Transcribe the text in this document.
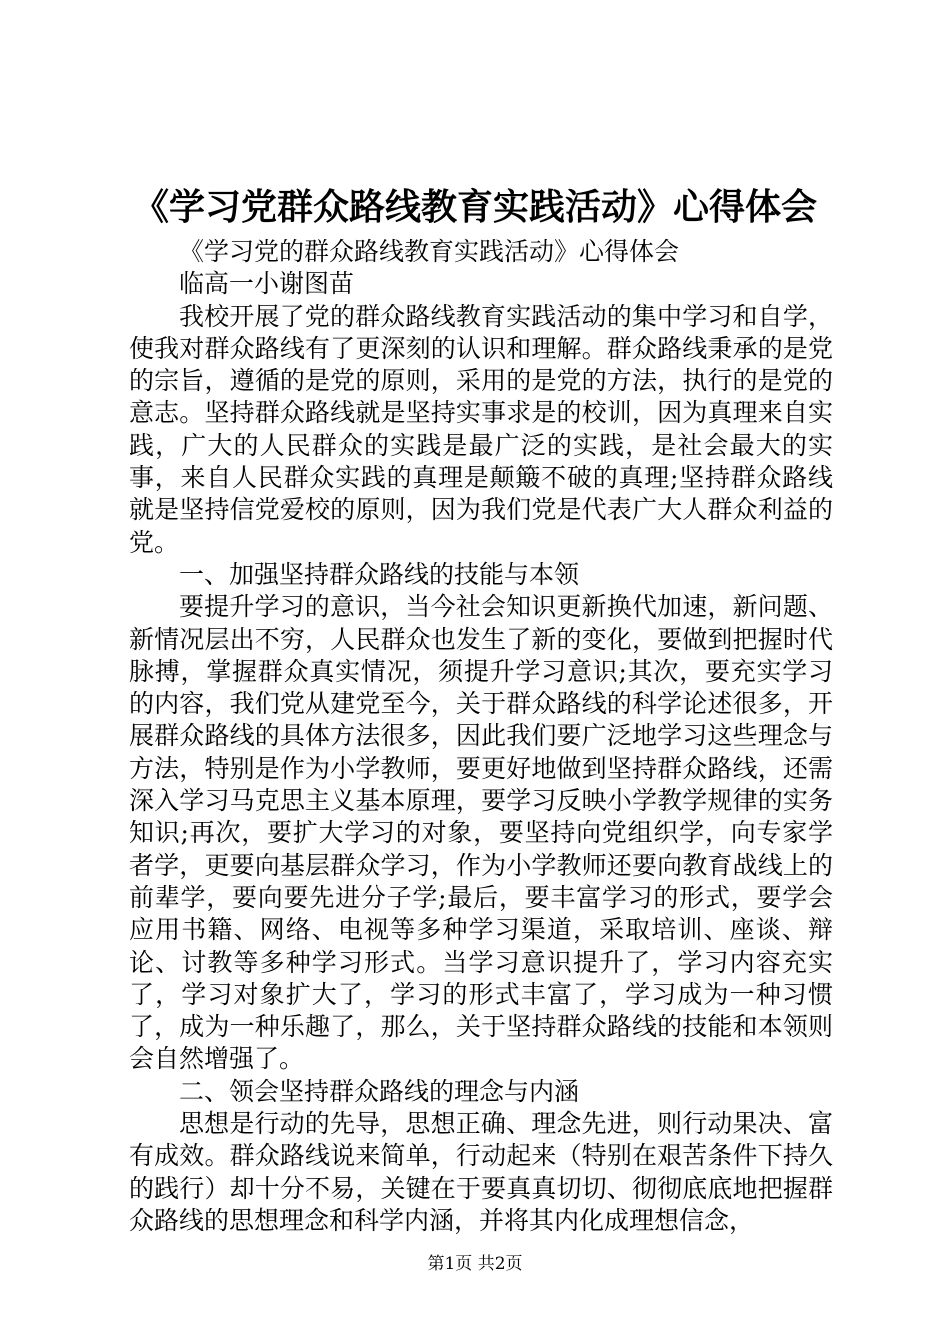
《学习党群众路线教育实践活动》心得体会

《学习党的群众路线教育实践活动》心得体会

临高一小谢图苗

我校开展了党的群众路线教育实践活动的集中学习和自学，使我对群众路线有了更深刻的认识和理解。群众路线秉承的是党的宗旨，遵循的是党的原则，采用的是党的方法，执行的是党的意志。坚持群众路线就是坚持实事求是的校训，因为真理来自实践，广大的人民群众的实践是最广泛的实践，是社会最大的实事，来自人民群众实践的真理是颠簸不破的真理;坚持群众路线就是坚持信党爱校的原则，因为我们党是代表广大人群众利益的党。

一、加强坚持群众路线的技能与本领

要提升学习的意识，当今社会知识更新换代加速，新问题、新情况层出不穷，人民群众也发生了新的变化，要做到把握时代脉搏，掌握群众真实情况，须提升学习意识;其次，要充实学习的内容，我们党从建党至今，关于群众路线的科学论述很多，开展群众路线的具体方法很多，因此我们要广泛地学习这些理念与方法，特别是作为小学教师，要更好地做到坚持群众路线，还需深入学习马克思主义基本原理，要学习反映小学教学规律的实务知识;再次，要扩大学习的对象，要坚持向党组织学，向专家学者学，更要向基层群众学习，作为小学教师还要向教育战线上的前辈学，要向要先进分子学;最后，要丰富学习的形式，要学会应用书籍、网络、电视等多种学习渠道，采取培训、座谈、辩论、讨教等多种学习形式。当学习意识提升了，学习内容充实了，学习对象扩大了，学习的形式丰富了，学习成为一种习惯了，成为一种乐趣了，那么，关于坚持群众路线的技能和本领则会自然增强了。

二、领会坚持群众路线的理念与内涵

思想是行动的先导，思想正确、理念先进，则行动果决、富有成效。群众路线说来简单，行动起来（特别在艰苦条件下持久的践行）却十分不易，关键在于要真真切切、彻彻底底地把握群众路线的思想理念和科学内涵，并将其内化成理想信念，

第1页 共2页
